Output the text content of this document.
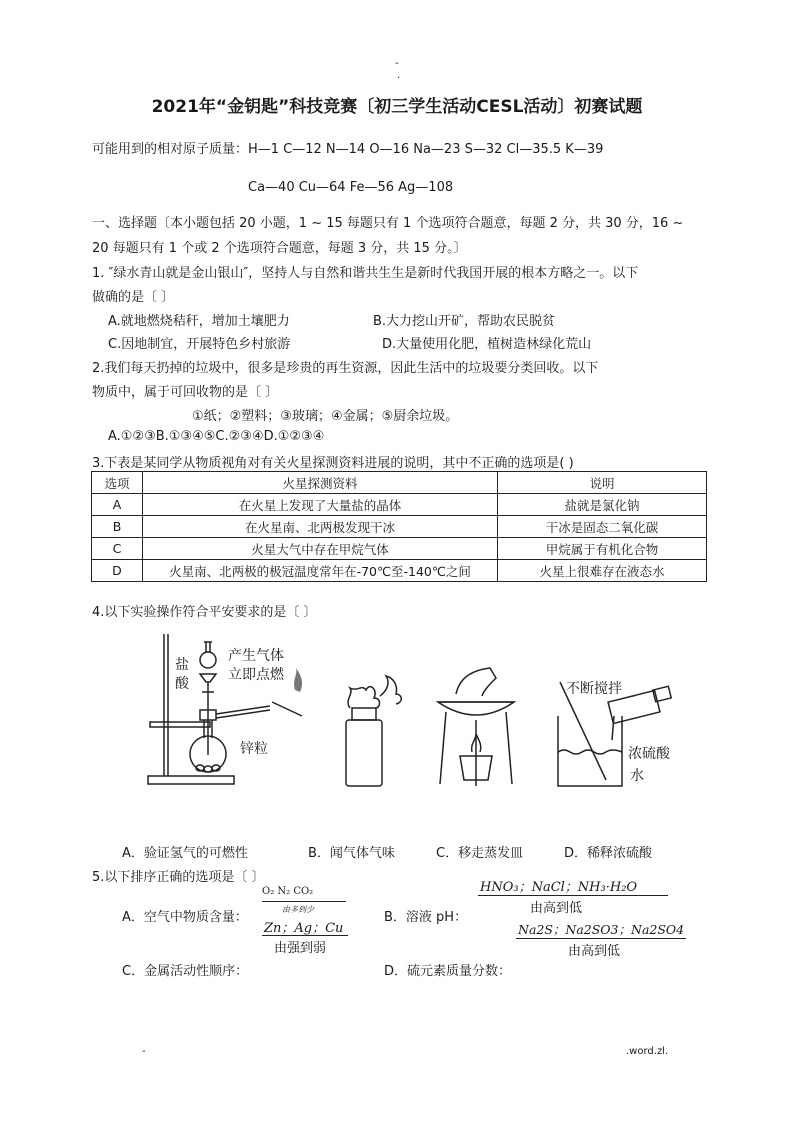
-
.
2021年“金钥匙”科技竞赛〔初三学生活动CESL活动〕初赛试题
可能用到的相对原子质量：H—1 C—12 N—14 O—16 Na—23 S—32 Cl—35.5 K—39
Ca—40 Cu—64 Fe—56 Ag—108
一、选择题〔本小题包括 20 小题，1 ~ 15 每题只有 1 个选项符合题意，每题 2 分，共 30 分，16 ~
20 每题只有 1 个或 2 个选项符合题意，每题 3 分，共 15 分。〕
1. ″绿水青山就是金山银山″，坚持人与自然和谐共生生是新时代我国开展的根本方略之一。以下
做确的是〔 〕
A.就地燃烧秸秆，增加土壤肥力	B.大力挖山开矿，帮助农民脱贫
C.因地制宜，开展特色乡村旅游	D.大量使用化肥，植树造林绿化荒山
2.我们每天扔掉的垃圾中，很多是珍贵的再生资源，因此生活中的垃圾要分类回收。以下
物质中，属于可回收物的是〔 〕
①纸；②塑料；③玻璃；④金属；⑤厨余垃圾。
A.①②③B.①③④⑤C.②③④D.①②③④
3.下表是某同学从物质视角对有关火星探测资料进展的说明，其中不正确的选项是( )
选项	火星探测资料	说明
A	在火星上发现了大量盐的晶体	盐就是氯化钠
B	在火星南、北两极发现干冰	干冰是固态二氧化碳
C	火星大气中存在甲烷气体	甲烷属于有机化合物
D	火星南、北两极的极冠温度常年在-70℃至-140℃之间	火星上很难存在液态水
4.以下实验操作符合平安要求的是〔 〕
盐
酸
产生气体
立即点燃
锌粒
不断搅拌
浓硫酸
水
A．验证氢气的可燃性	B．闻气体气味	C．移走蒸发皿	D．稀释浓硫酸
5.以下排序正确的选项是〔 〕
A．空气中物质含量：
O₂ N₂ CO₂
由多到少
Zn；Ag；Cu
由强到弱
B．溶液 pH：
HNO₃；NaCl；NH₃·H₂O
由高到低
Na2S；Na2SO3；Na2SO4
由高到低
C．金属活动性顺序：	D．硫元素质量分数：
-	.word.zl.
